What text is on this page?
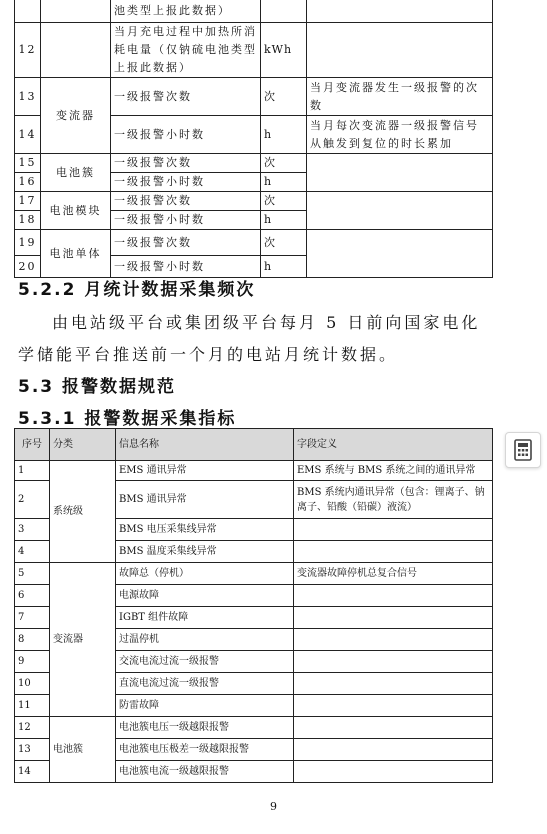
		池类型上报此数据）		
12		当月充电过程中加热所消耗电量（仅钠硫电池类型上报此数据）	kWh	
13	变流器	一级报警次数	次	当月变流器发生一级报警的次数
14		一级报警小时数	h	当月每次变流器一级报警信号从触发到复位的时长累加
15	电池簇	一级报警次数	次	
16		一级报警小时数	h	
17	电池模块	一级报警次数	次	
18		一级报警小时数	h	
19	电池单体	一级报警次数	次	
20		一级报警小时数	h	
5.2.2 月统计数据采集频次
由电站级平台或集团级平台每月 5 日前向国家电化学储能平台推送前一个月的电站月统计数据。
5.3 报警数据规范
5.3.1 报警数据采集指标
序号	分类	信息名称	字段定义
1	系统级	EMS 通讯异常	EMS 系统与 BMS 系统之间的通讯异常
2		BMS 通讯异常	BMS 系统内通讯异常（包含：锂离子、钠离子、铅酸（铅碳）液流）
3		BMS 电压采集线异常	
4		BMS 温度采集线异常	
5	变流器	故障总（停机）	变流器故障停机总复合信号
6		电源故障	
7		IGBT 组件故障	
8		过温停机	
9		交流电流过流一级报警	
10		直流电流过流一级报警	
11		防雷故障	
12	电池簇	电池簇电压一级越限报警	
13		电池簇电压极差一级越限报警	
14		电池簇电流一级越限报警	
9
